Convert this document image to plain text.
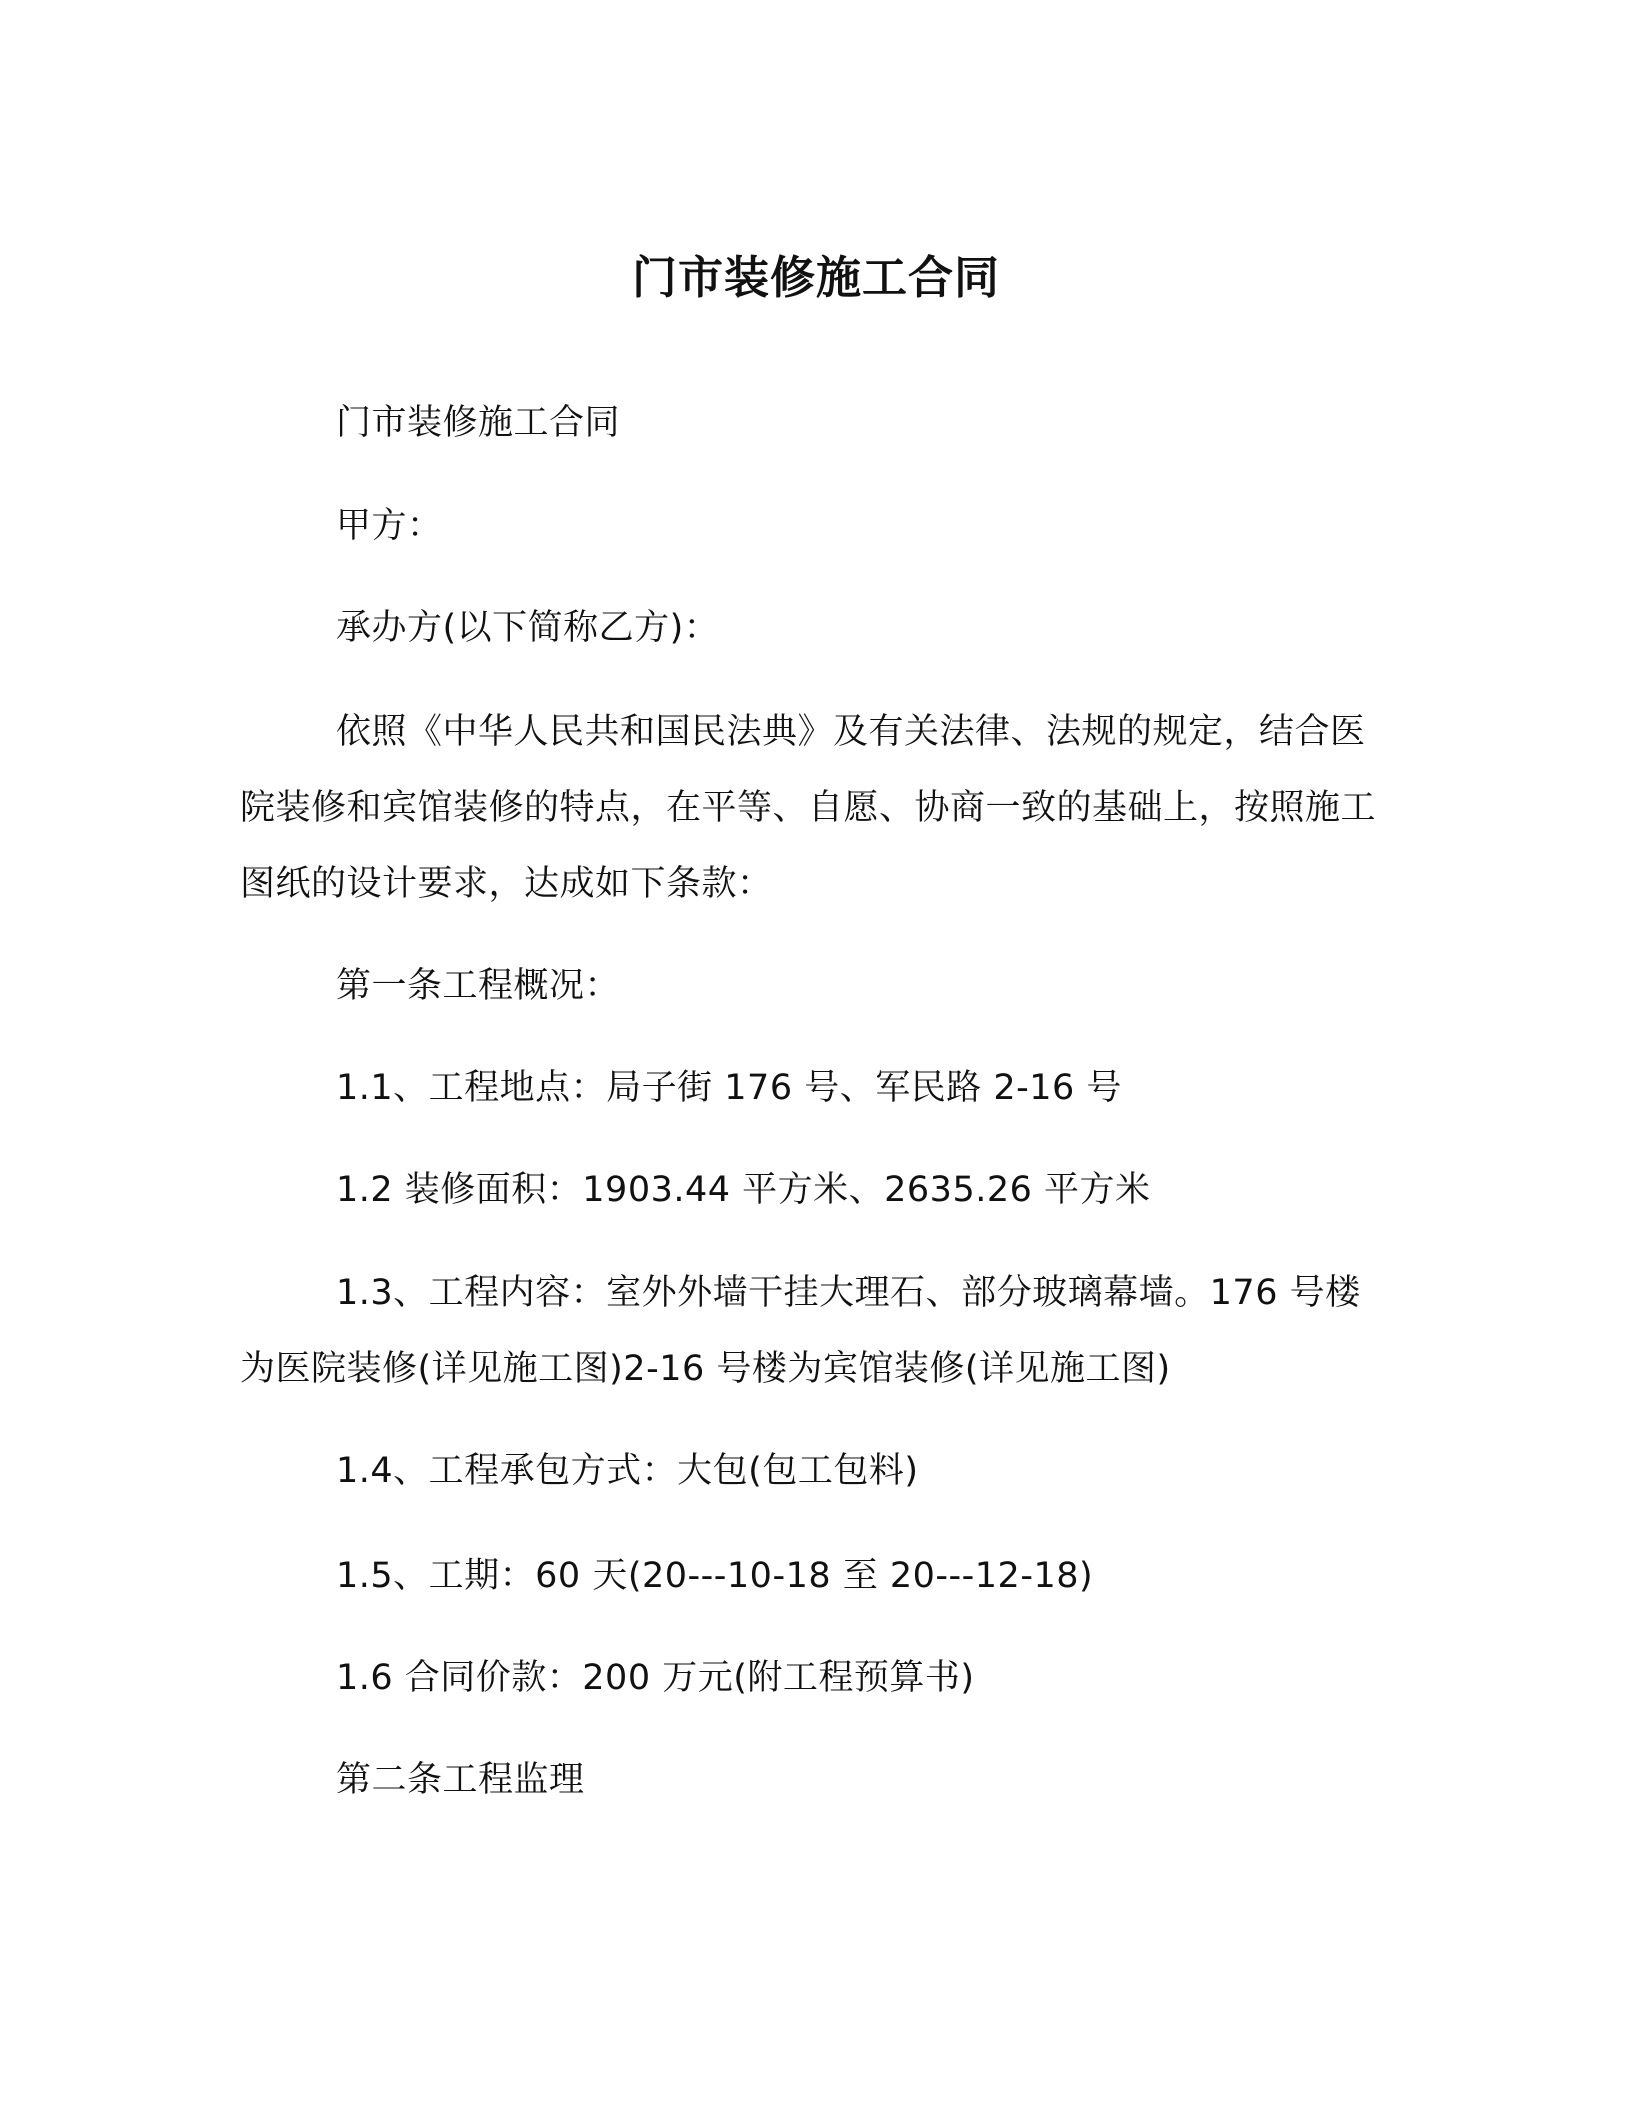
门市装修施工合同

门市装修施工合同

甲方：

承办方(以下简称乙方)：

依照《中华人民共和国民法典》及有关法律、法规的规定，结合医院装修和宾馆装修的特点，在平等、自愿、协商一致的基础上，按照施工图纸的设计要求，达成如下条款：

第一条工程概况：

1.1、工程地点：局子街 176 号、军民路 2-16 号

1.2 装修面积：1903.44 平方米、2635.26 平方米

1.3、工程内容：室外外墙干挂大理石、部分玻璃幕墙。176 号楼为医院装修(详见施工图)2-16 号楼为宾馆装修(详见施工图)

1.4、工程承包方式：大包(包工包料)

1.5、工期：60 天(20---10-18 至 20---12-18)

1.6 合同价款：200 万元(附工程预算书)

第二条工程监理
